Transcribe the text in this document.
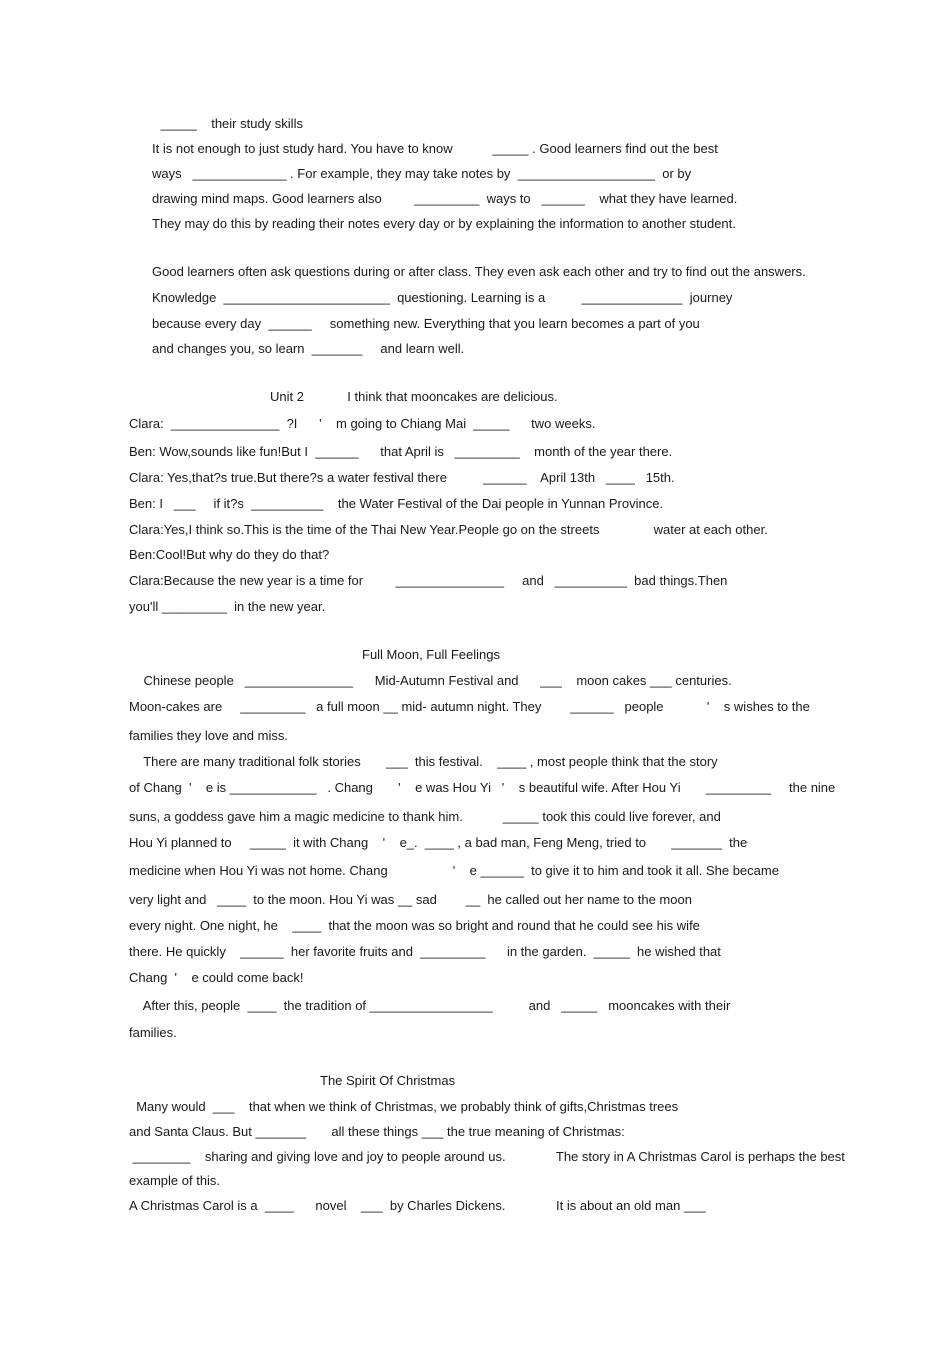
_____    their study skills

It is not enough to just study hard. You have to know           _____ . Good learners find out the best

ways   _____________ . For example, they may take notes by  ___________________  or by

drawing mind maps. Good learners also         _________  ways to   ______    what they have learned.

They may do this by reading their notes every day or by explaining the information to another student.

Good learners often ask questions during or after class. They even ask each other and try to find out the answers.

Knowledge  _______________________  questioning. Learning is a          ______________  journey

because every day  ______     something new. Everything that you learn becomes a part of you

and changes you, so learn  _______     and learn well.

Unit 2            I think that mooncakes are delicious.

Clara:  _______________  ?I      '    m going to Chiang Mai  _____      two weeks.

Ben: Wow,sounds like fun!But I  ______      that April is   _________    month of the year there.

Clara: Yes,that?s true.But there?s a water festival there          ______    April 13th   ____   15th.

Ben: I   ___     if it?s  __________    the Water Festival of the Dai people in Yunnan Province.

Clara:Yes,I think so.This is the time of the Thai New Year.People go on the streets               water at each other.

Ben:Cool!But why do they do that?

Clara:Because the new year is a time for         _______________     and   __________  bad things.Then

you'll _________  in the new year.

Full Moon, Full Feelings

Chinese people   _______________      Mid-Autumn Festival and      ___    moon cakes ___ centuries.

Moon-cakes are     _________   a full moon __ mid- autumn night. They        ______   people            '    s wishes to the

families they love and miss.

There are many traditional folk stories       ___  this festival.    ____ , most people think that the story

of Chang  '    e is ____________   . Chang       '    e was Hou Yi   '    s beautiful wife. After Hou Yi       _________     the nine

suns, a goddess gave him a magic medicine to thank him.           _____ took this could live forever, and

Hou Yi planned to     _____  it with Chang    '    e_.  ____ , a bad man, Feng Meng, tried to       _______  the

medicine when Hou Yi was not home. Chang                  '    e ______  to give it to him and took it all. She became

very light and   ____  to the moon. Hou Yi was __ sad        __  he called out her name to the moon

every night. One night, he    ____  that the moon was so bright and round that he could see his wife

there. He quickly    ______  her favorite fruits and  _________      in the garden.  _____  he wished that

Chang  '    e could come back!

After this, people  ____  the tradition of _________________          and   _____   mooncakes with their

families.

The Spirit Of Christmas

Many would  ___    that when we think of Christmas, we probably think of gifts,Christmas trees

and Santa Claus. But _______       all these things ___ the true meaning of Christmas:

________    sharing and giving love and joy to people around us.              The story in A Christmas Carol is perhaps the best

example of this.

A Christmas Carol is a  ____      novel    ___  by Charles Dickens.              It is about an old man ___
